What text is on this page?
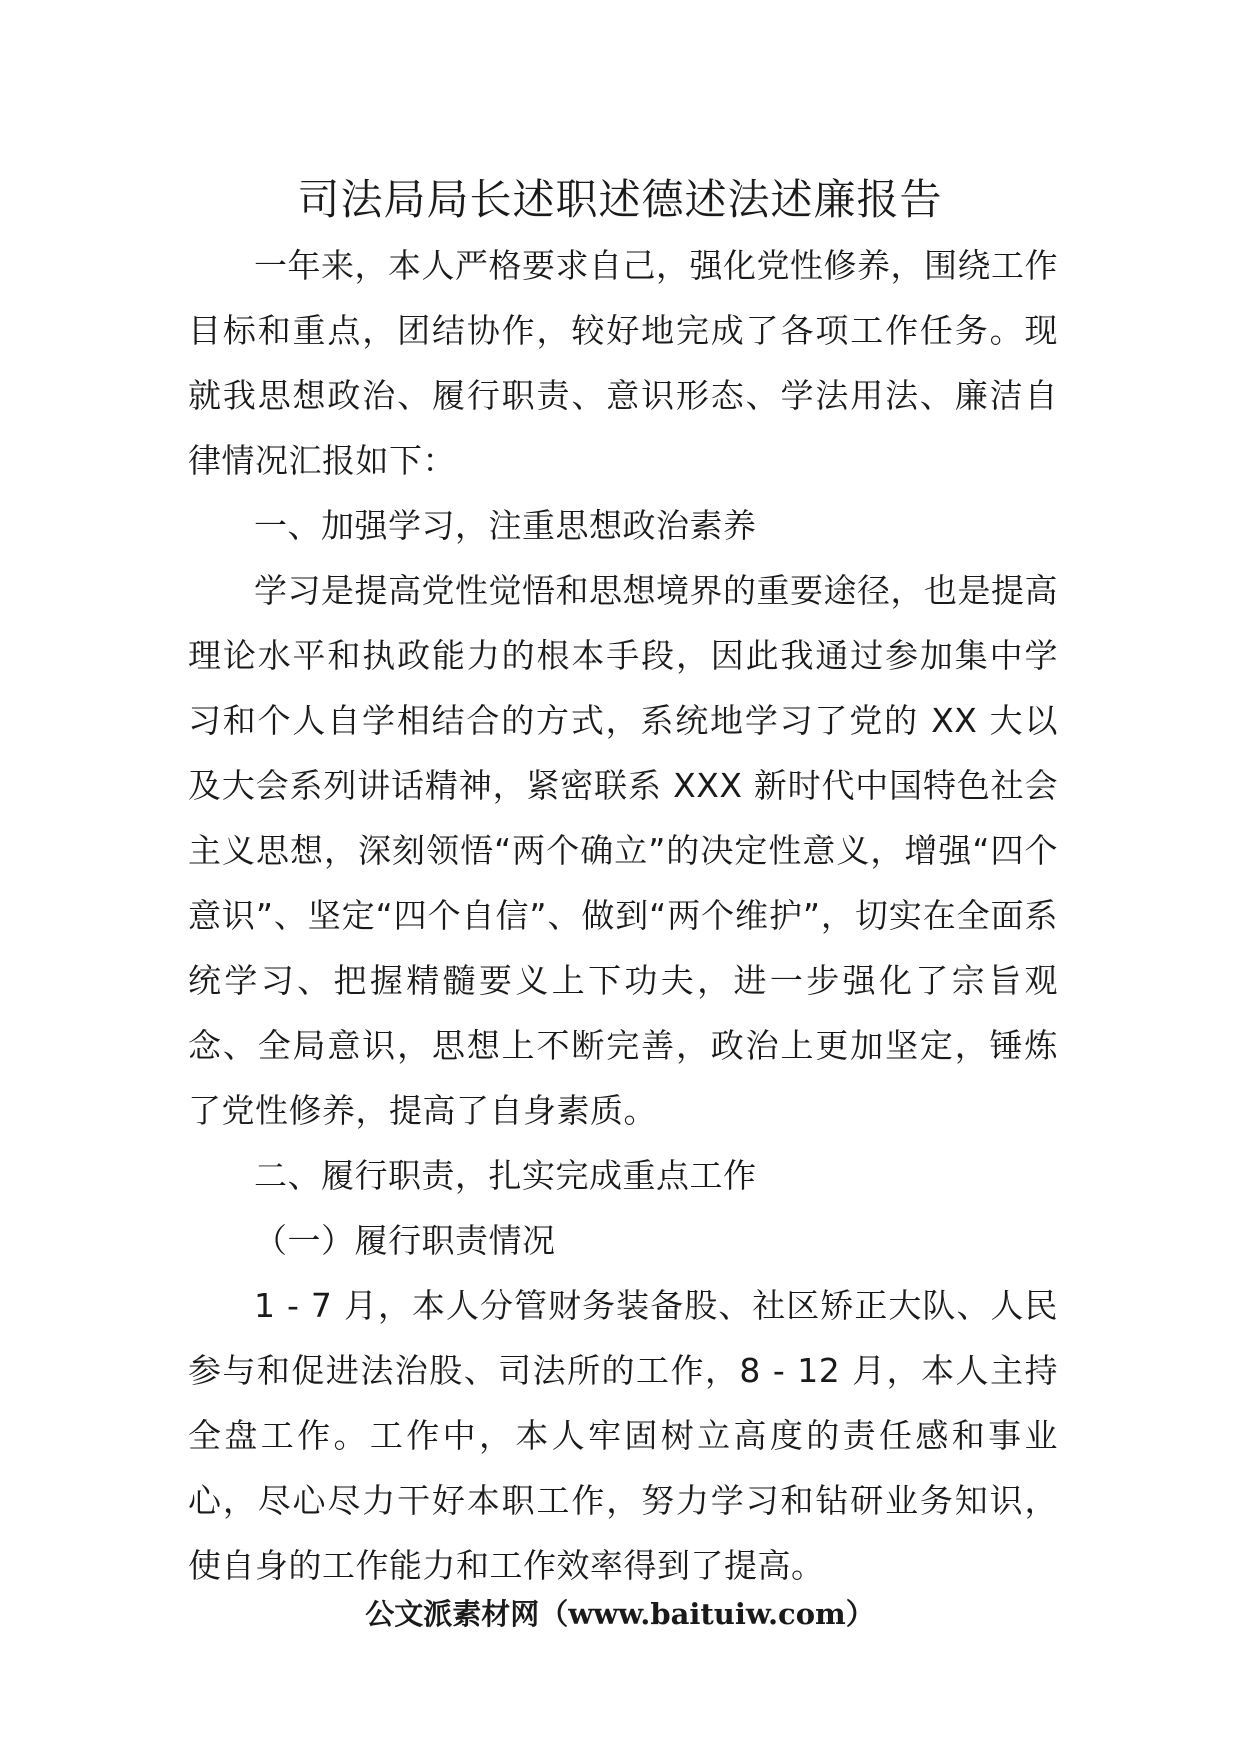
司法局局长述职述德述法述廉报告

一年来，本人严格要求自己，强化党性修养，围绕工作目标和重点，团结协作，较好地完成了各项工作任务。现就我思想政治、履行职责、意识形态、学法用法、廉洁自律情况汇报如下：

一、加强学习，注重思想政治素养

学习是提高党性觉悟和思想境界的重要途径，也是提高理论水平和执政能力的根本手段，因此我通过参加集中学习和个人自学相结合的方式，系统地学习了党的 XX 大以及大会系列讲话精神，紧密联系 XXX 新时代中国特色社会主义思想，深刻领悟“两个确立”的决定性意义，增强“四个意识”、坚定“四个自信”、做到“两个维护”，切实在全面系统学习、把握精髓要义上下功夫，进一步强化了宗旨观念、全局意识，思想上不断完善，政治上更加坚定，锤炼了党性修养，提高了自身素质。

二、履行职责，扎实完成重点工作

（一）履行职责情况

1 - 7 月，本人分管财务装备股、社区矫正大队、人民参与和促进法治股、司法所的工作，8 - 12 月，本人主持全盘工作。工作中，本人牢固树立高度的责任感和事业心，尽心尽力干好本职工作，努力学习和钻研业务知识，使自身的工作能力和工作效率得到了提高。

公文派素材网（www.baituiw.com）
